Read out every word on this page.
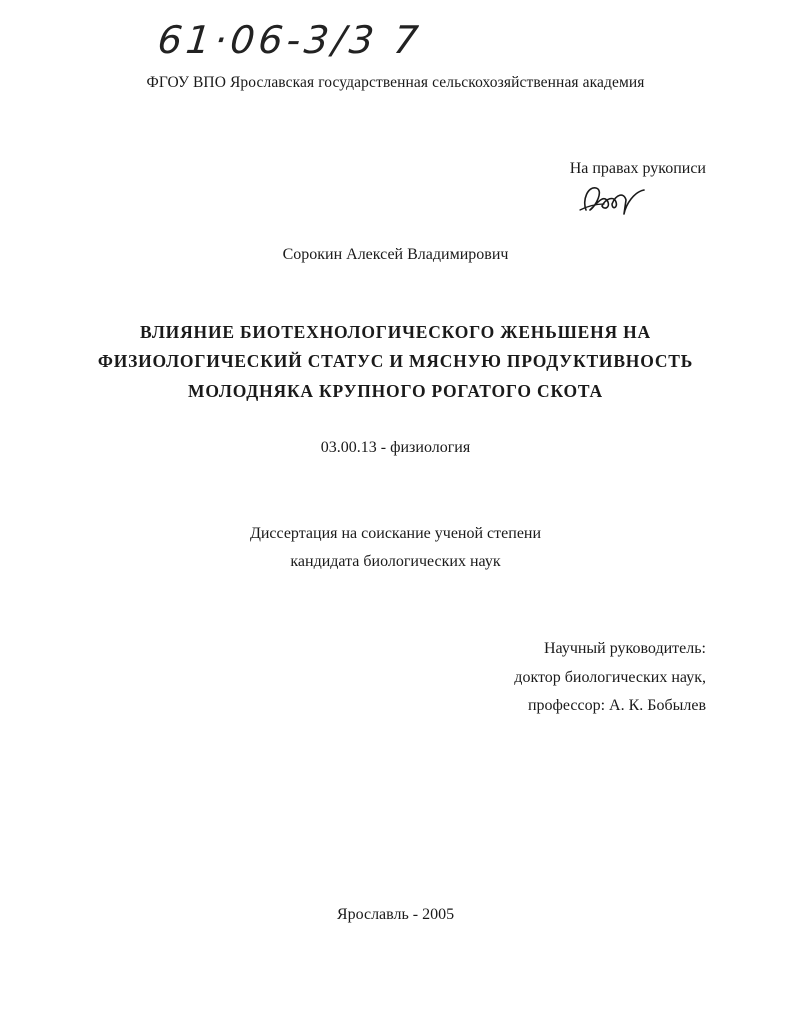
61·06-3/3 7
ФГОУ ВПО Ярославская государственная сельскохозяйственная академия
На правах рукописи
Сорокин Алексей Владимирович
ВЛИЯНИЕ БИОТЕХНОЛОГИЧЕСКОГО ЖЕНЬШЕНЯ НА
ФИЗИОЛОГИЧЕСКИЙ СТАТУС И МЯСНУЮ ПРОДУКТИВНОСТЬ
МОЛОДНЯКА КРУПНОГО РОГАТОГО СКОТА
03.00.13 - физиология
Диссертация на соискание ученой степени
кандидата биологических наук
Научный руководитель:
доктор биологических наук,
профессор: А. К. Бобылев
Ярославль - 2005
